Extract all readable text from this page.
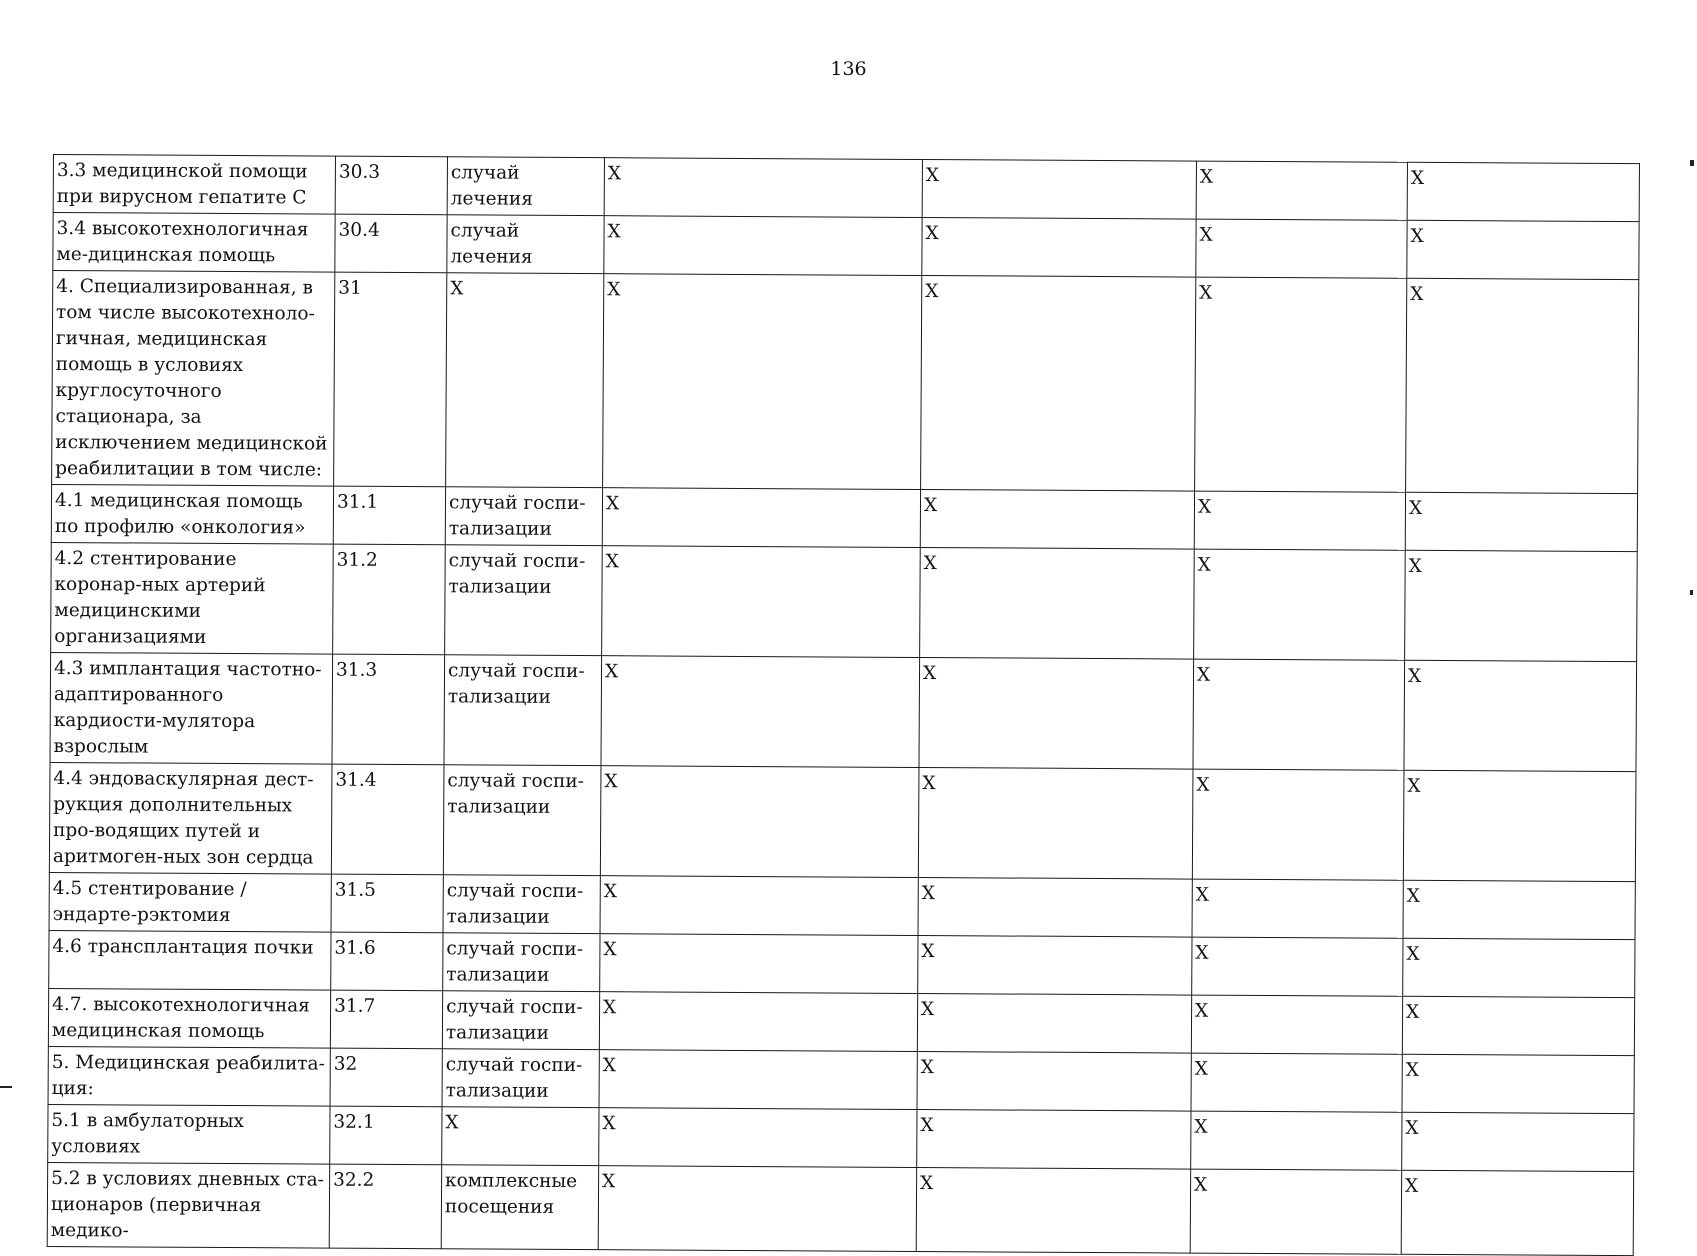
136
3.3 медицинской помощи при вирусном гепатите С	30.3	случай лечения	Х	Х	Х	Х
3.4 высокотехнологичная ме-дицинская помощь	30.4	случай лечения	Х	Х	Х	Х
4. Специализированная, в том числе высокотехноло-гичная, медицинская помощь в условиях круглосуточного стационара, за исключением медицинской реабилитации в том числе:	31	Х	Х	Х	Х	Х
4.1 медицинская помощь по профилю «онкология»	31.1	случай госпи-тализации	Х	Х	Х	Х
4.2 стентирование коронар-ных артерий медицинскими организациями	31.2	случай госпи-тализации	Х	Х	Х	Х
4.3 имплантация частотно-адаптированного кардиости-мулятора взрослым	31.3	случай госпи-тализации	Х	Х	Х	Х
4.4 эндоваскулярная дест-рукция дополнительных про-водящих путей и аритмоген-ных зон сердца	31.4	случай госпи-тализации	Х	Х	Х	Х
4.5 стентирование / эндарте-рэктомия	31.5	случай госпи-тализации	Х	Х	Х	Х
4.6 трансплантация почки	31.6	случай госпи-тализации	Х	Х	Х	Х
4.7. высокотехнологичная медицинская помощь	31.7	случай госпи-тализации	Х	Х	Х	Х
5. Медицинская реабилита-ция:	32	случай госпи-тализации	Х	Х	Х	Х
5.1 в амбулаторных условиях	32.1	Х	Х	Х	Х	Х
5.2 в условиях дневных ста-ционаров (первичная медико-	32.2	комплексные посещения	Х	Х	Х	Х
